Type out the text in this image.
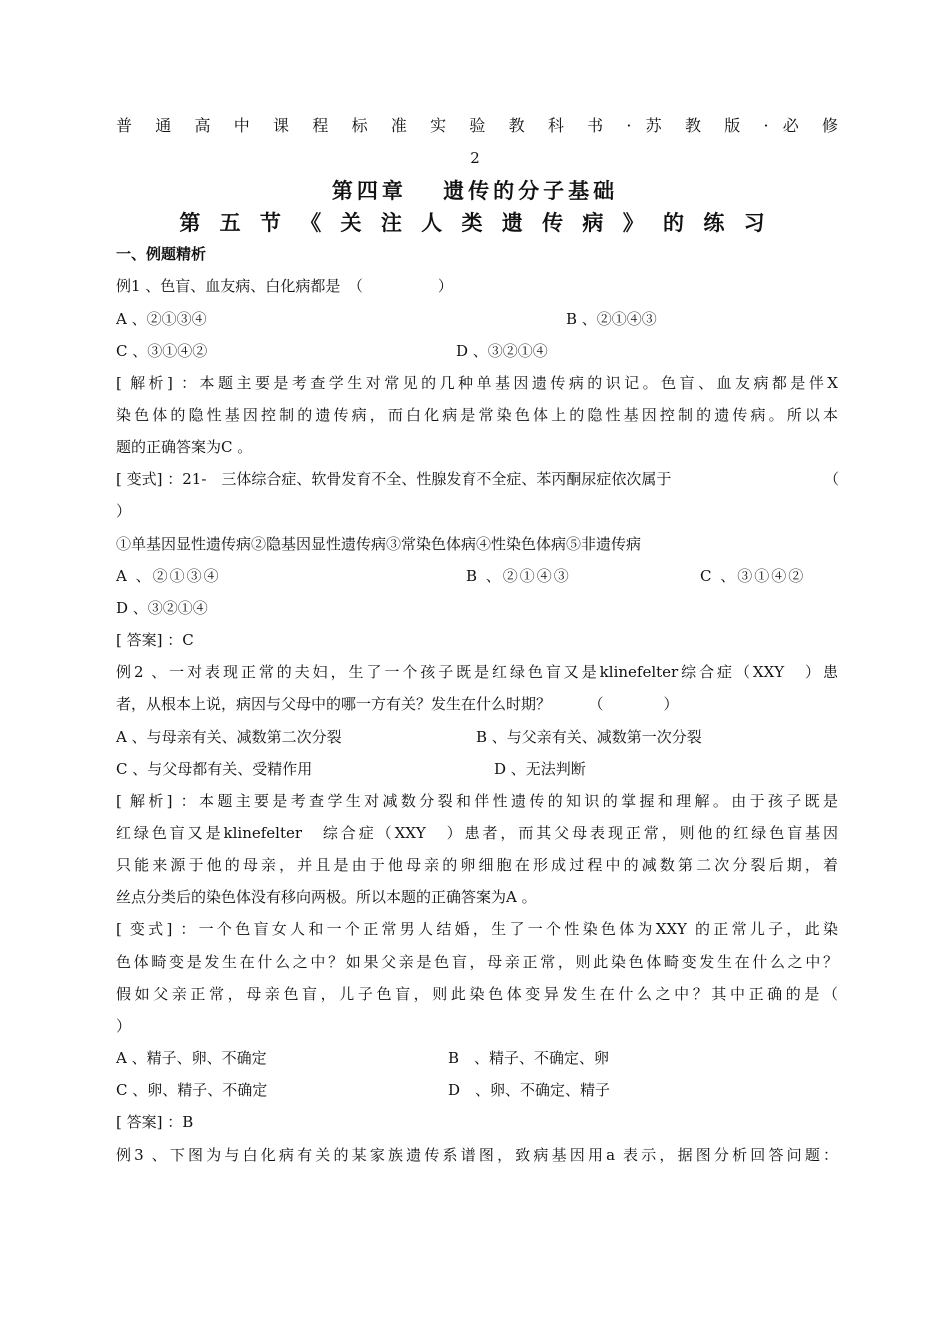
普 通 高 中 课 程 标 准 实 验 教 科 书 · 苏 教 版 · 必 修
2
第四章　 遗传的分子基础
第 五 节 《 关 注 人 类 遗 传 病 》 的 练 习
一、例题精析
例1 、色盲、血友病、白化病都是　（　　　　　）
A 、②①③④	B 、②①④③
C 、③①④②	D 、③②①④
[ 解析] ：本题主要是考查学生对常见的几种单基因遗传病的识记。色盲、血友病都是伴X
染色体的隐性基因控制的遗传病，而白化病是常染色体上的隐性基因控制的遗传病。所以本
题的正确答案为C 。
[ 变式] ：21-　三体综合症、软骨发育不全、性腺发育不全症、苯丙酮尿症依次属于	（
）
①单基因显性遗传病②隐基因显性遗传病③常染色体病④性染色体病⑤非遗传病
A 、②①③④	B 、②①④③	C 、③①④②
D 、③②①④
[ 答案] ：C
例2 、一对表现正常的夫妇，生了一个孩子既是红绿色盲又是klinefelter综合症（XXY　）患
者，从根本上说，病因与父母中的哪一方有关？发生在什么时期？　　　（　　　　）
A 、与母亲有关、减数第二次分裂	B 、与父亲有关、减数第一次分裂
C 、与父母都有关、受精作用	D 、无法判断
[ 解析] ：本题主要是考查学生对减数分裂和伴性遗传的知识的掌握和理解。由于孩子既是
红绿色盲又是klinefelter　综合症（XXY　）患者，而其父母表现正常，则他的红绿色盲基因
只能来源于他的母亲，并且是由于他母亲的卵细胞在形成过程中的减数第二次分裂后期，着
丝点分类后的染色体没有移向两极。所以本题的正确答案为A 。
[ 变式] ：一个色盲女人和一个正常男人结婚，生了一个性染色体为XXY 的正常儿子，此染
色体畸变是发生在什么之中？如果父亲是色盲，母亲正常，则此染色体畸变发生在什么之中？
假如父亲正常，母亲色盲，儿子色盲，则此染色体变异发生在什么之中？其中正确的是（
）
A 、精子、卵、不确定	B　、精子、不确定、卵
C 、卵、精子、不确定	D　、卵、不确定、精子
[ 答案] ：B
例3 、下图为与白化病有关的某家族遗传系谱图，致病基因用a 表示，据图分析回答问题：
